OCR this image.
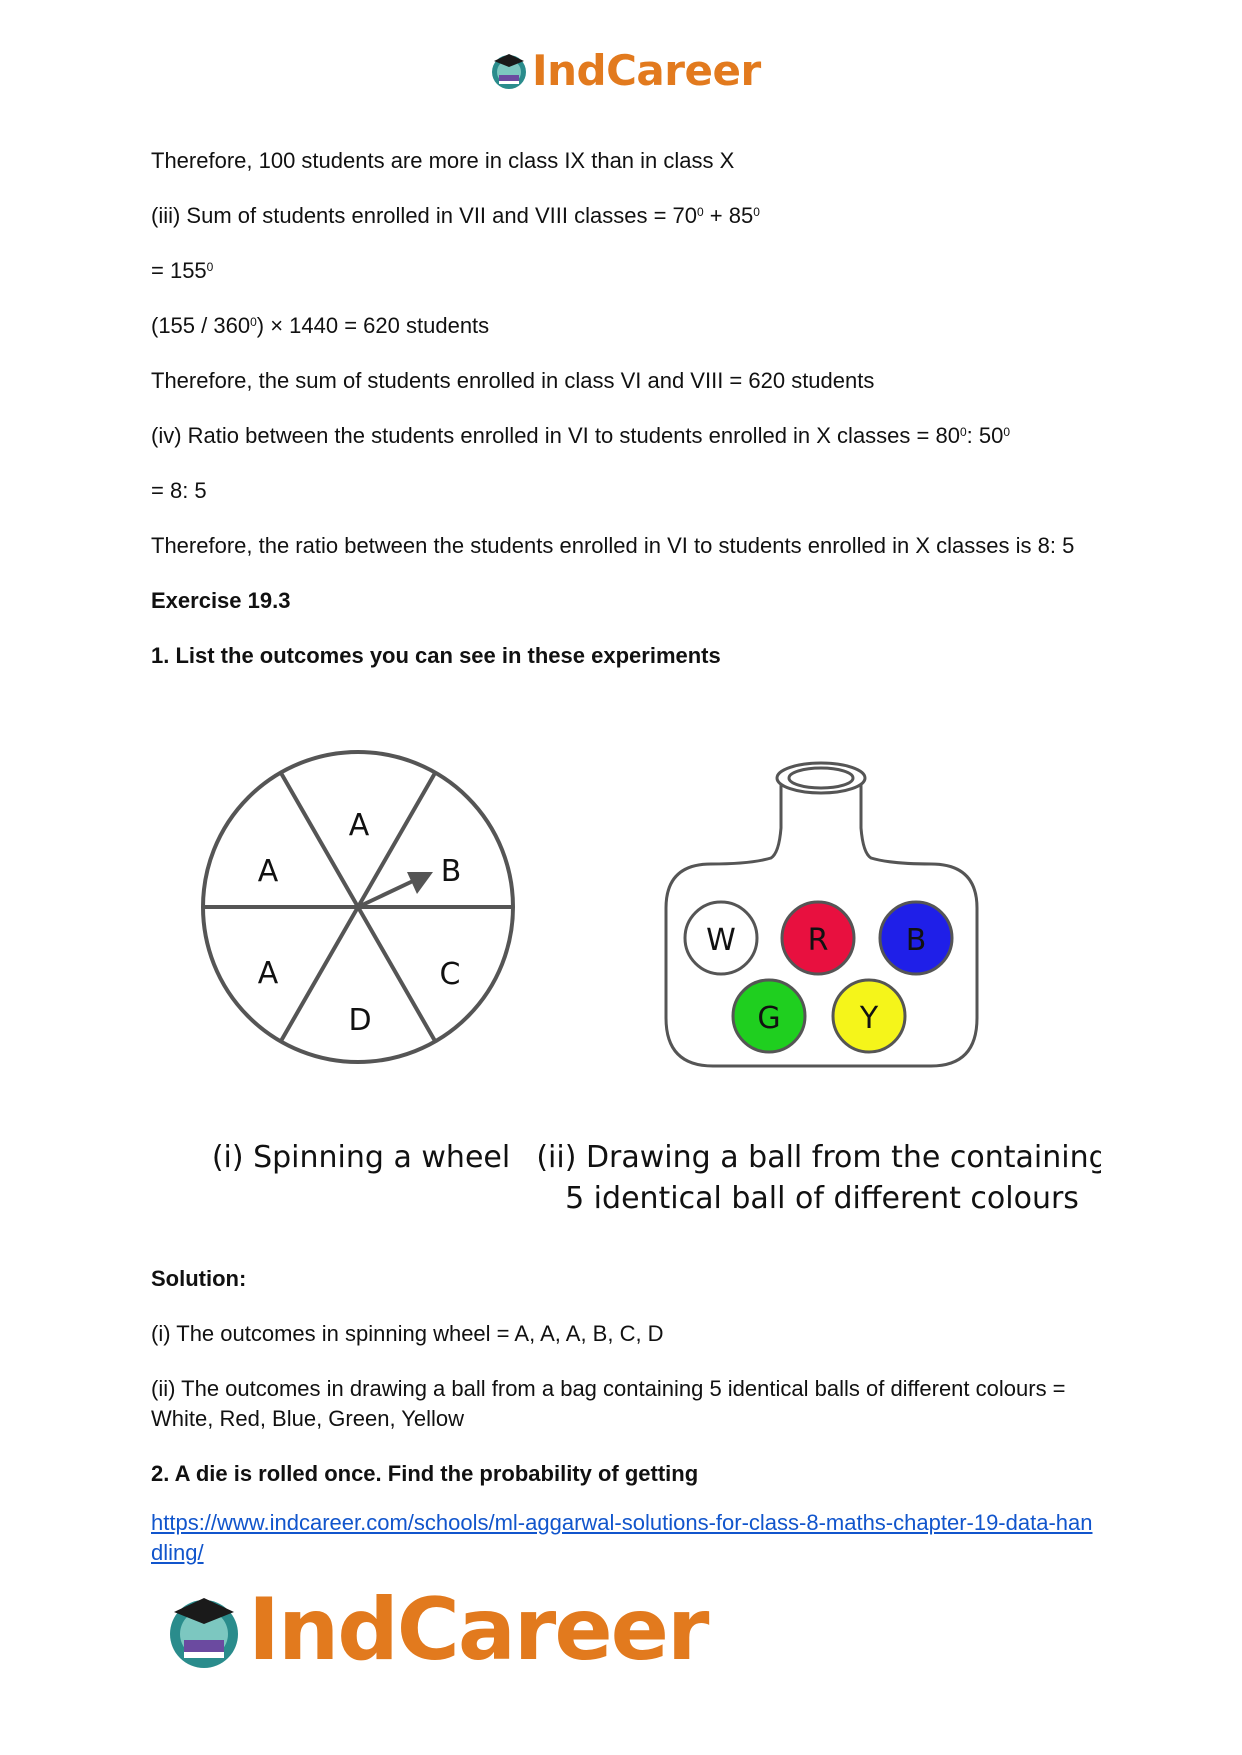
IndCareer

Therefore, 100 students are more in class IX than in class X

(iii) Sum of students enrolled in VII and VIII classes = $70^0 + 85^0$

= $155^0$

$(155 / 360^0) \times 1440 = 620$ students

Therefore, the sum of students enrolled in class VI and VIII = 620 students

(iv) Ratio between the students enrolled in VI to students enrolled in X classes = $80^0$: $50^0$

= 8: 5

Therefore, the ratio between the students enrolled in VI to students enrolled in X classes is 8: 5

Exercise 19.3

1. List the outcomes you can see in these experiments

A
A	B
A	C
D
W R	B
G	Y
(i) Spinning a wheel (ii) Drawing a ball from the containing
5 identical ball of different colours

Solution:

(i) The outcomes in spinning wheel = A, A, A, B, C, D

(ii) The outcomes in drawing a ball from a bag containing 5 identical balls of different colours = White, Red, Blue, Green, Yellow

2. A die is rolled once. Find the probability of getting

https://www.indcareer.com/schools/ml-aggarwal-solutions-for-class-8-maths-chapter-19-data-handling/
IndCareer
